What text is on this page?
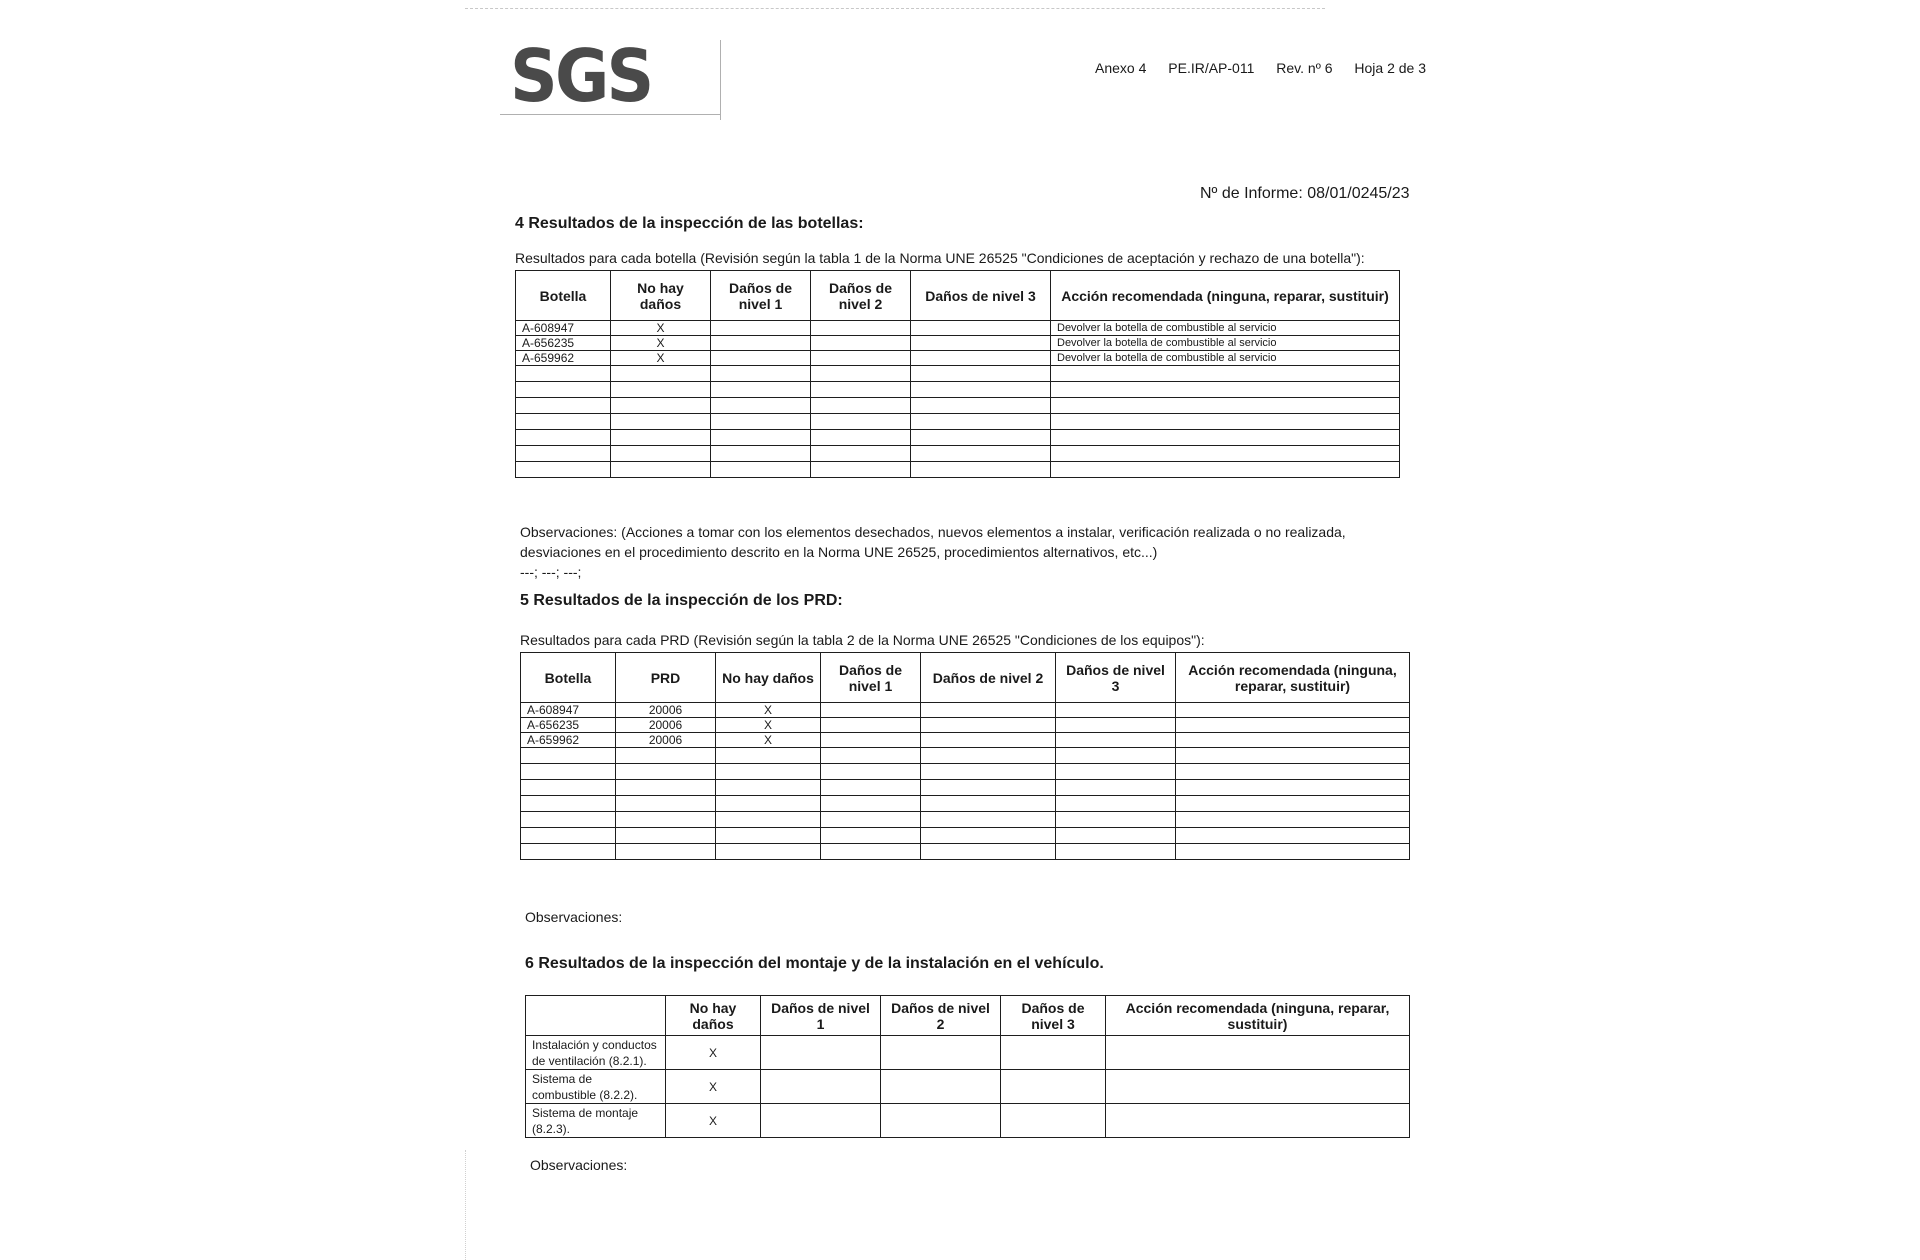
SGS	Anexo 4 PE.IR/AP-011 Rev. nº 6 Hoja 2 de 3
Nº de Informe: 08/01/0245/23
4 Resultados de la inspección de las botellas:
Resultados para cada botella (Revisión según la tabla 1 de la Norma UNE 26525 "Condiciones de aceptación y rechazo de una botella"):
Botella	No hay daños	Daños de nivel 1	Daños de nivel 2	Daños de nivel 3	Acción recomendada (ninguna, reparar, sustituir)
A-608947	X				Devolver la botella de combustible al servicio
A-656235	X				Devolver la botella de combustible al servicio
A-659962	X				Devolver la botella de combustible al servicio

Observaciones: (Acciones a tomar con los elementos desechados, nuevos elementos a instalar, verificación realizada o no realizada, desviaciones en el procedimiento descrito en la Norma UNE 26525, procedimientos alternativos, etc...)
---; ---; ---;
5 Resultados de la inspección de los PRD:
Resultados para cada PRD (Revisión según la tabla 2 de la Norma UNE 26525 "Condiciones de los equipos"):
Botella	PRD	No hay daños	Daños de nivel 1	Daños de nivel 2	Daños de nivel 3	Acción recomendada (ninguna, reparar, sustituir)
A-608947	20006	X				
A-656235	20006	X				
A-659962	20006	X				

Observaciones:
6 Resultados de la inspección del montaje y de la instalación en el vehículo.
	No hay daños	Daños de nivel 1	Daños de nivel 2	Daños de nivel 3	Acción recomendada (ninguna, reparar, sustituir)
Instalación y conductos de ventilación (8.2.1).	X				
Sistema de combustible (8.2.2).	X				
Sistema de montaje (8.2.3).	X				
Observaciones:
